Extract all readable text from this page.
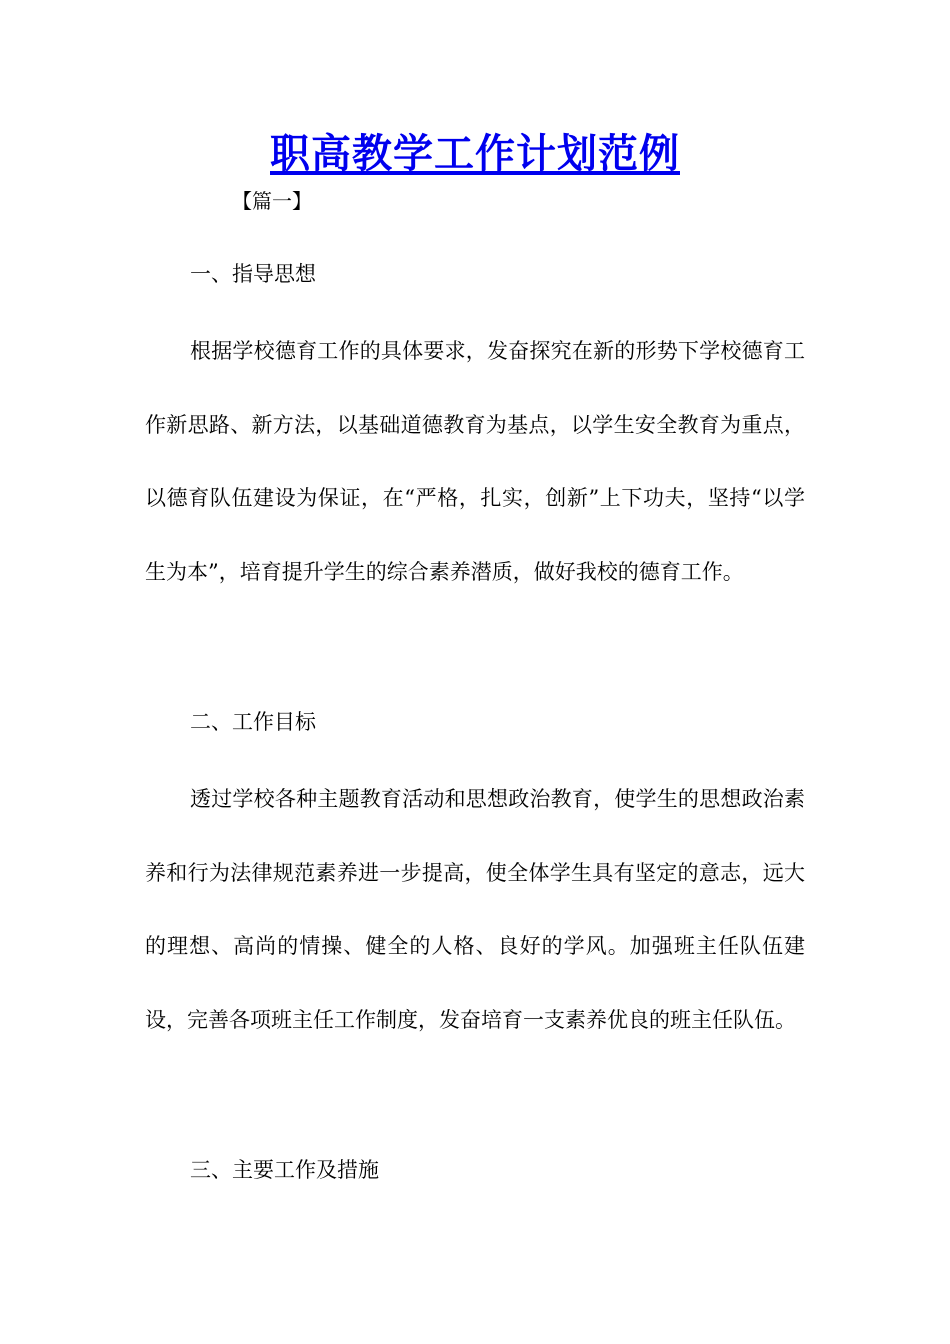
职高教学工作计划范例
【篇一】
一、指导思想
根据学校德育工作的具体要求，发奋探究在新的形势下学校德育工作新思路、新方法，以基础道德教育为基点，以学生安全教育为重点，以德育队伍建设为保证，在“严格，扎实，创新”上下功夫，坚持“以学生为本”，培育提升学生的综合素养潜质，做好我校的德育工作。
二、工作目标
透过学校各种主题教育活动和思想政治教育，使学生的思想政治素养和行为法律规范素养进一步提高，使全体学生具有坚定的意志，远大的理想、高尚的情操、健全的人格、良好的学风。加强班主任队伍建设，完善各项班主任工作制度，发奋培育一支素养优良的班主任队伍。
三、主要工作及措施
